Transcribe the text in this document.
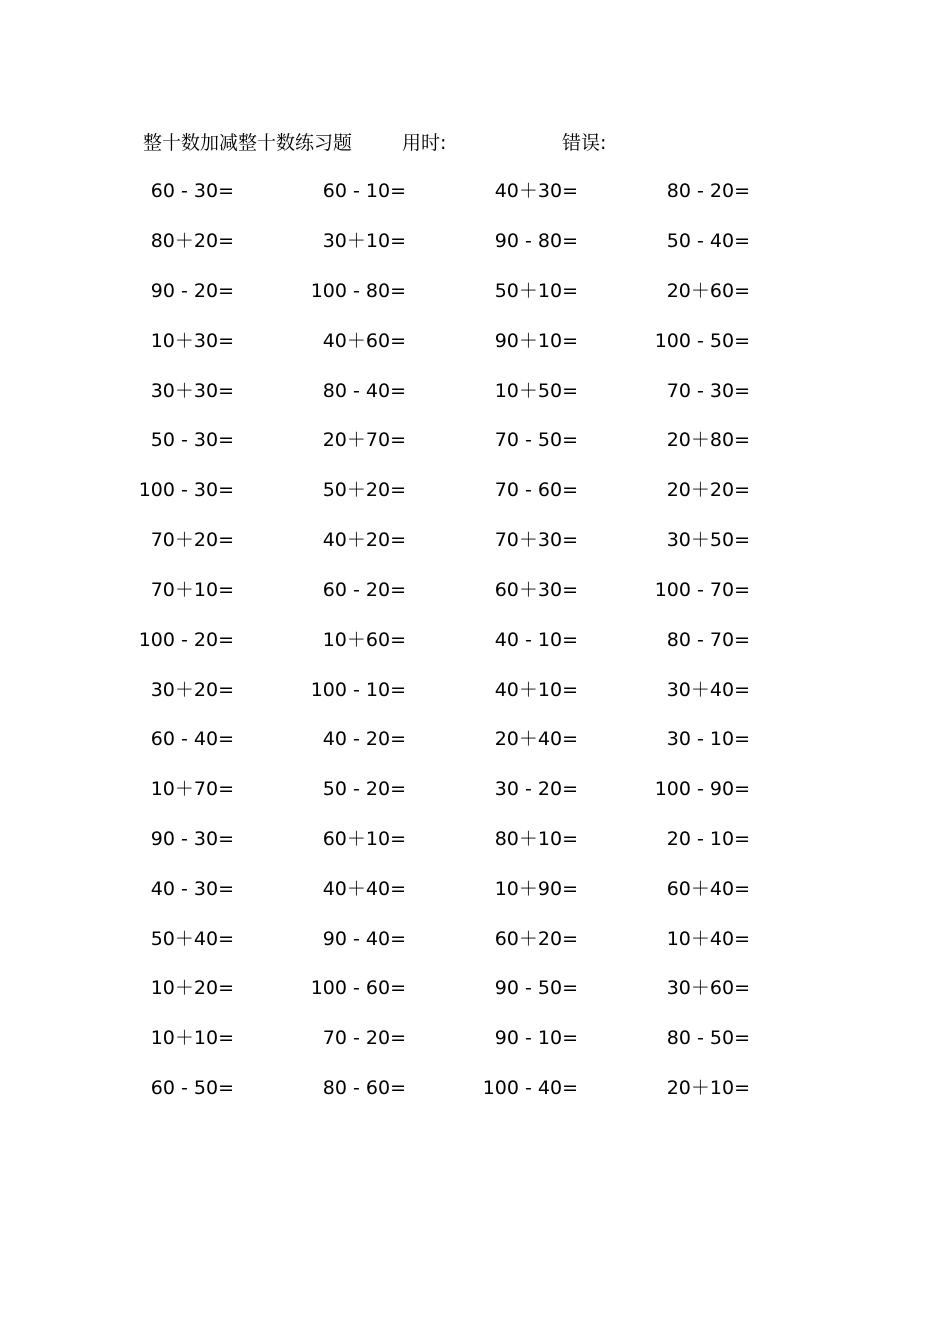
整十数加减整十数练习题	用时:	错误:
60 - 30=	60 - 10=	40＋30=	80 - 20=
80＋20=	30＋10=	90 - 80=	50 - 40=
90 - 20=	100 - 80=	50＋10=	20＋60=
10＋30=	40＋60=	90＋10=	100 - 50=
30＋30=	80 - 40=	10＋50=	70 - 30=
50 - 30=	20＋70=	70 - 50=	20＋80=
100 - 30=	50＋20=	70 - 60=	20＋20=
70＋20=	40＋20=	70＋30=	30＋50=
70＋10=	60 - 20=	60＋30=	100 - 70=
100 - 20=	10＋60=	40 - 10=	80 - 70=
30＋20=	100 - 10=	40＋10=	30＋40=
60 - 40=	40 - 20=	20＋40=	30 - 10=
10＋70=	50 - 20=	30 - 20=	100 - 90=
90 - 30=	60＋10=	80＋10=	20 - 10=
40 - 30=	40＋40=	10＋90=	60＋40=
50＋40=	90 - 40=	60＋20=	10＋40=
10＋20=	100 - 60=	90 - 50=	30＋60=
10＋10=	70 - 20=	90 - 10=	80 - 50=
60 - 50=	80 - 60=	100 - 40=	20＋10=
